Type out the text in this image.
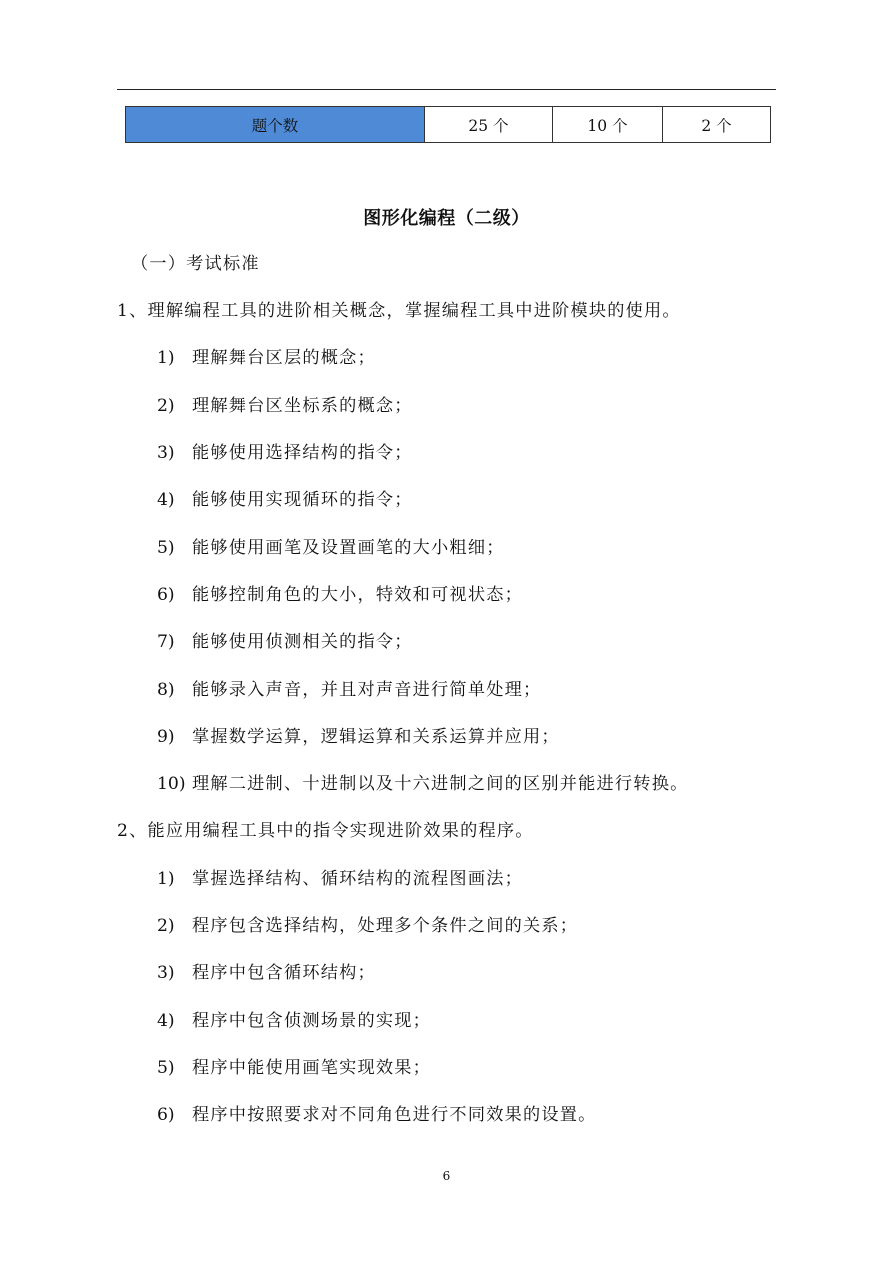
题个数	25 个	10 个	2 个
图形化编程（二级）
（一）考试标准
1、理解编程工具的进阶相关概念，掌握编程工具中进阶模块的使用。
1) 理解舞台区层的概念；
2) 理解舞台区坐标系的概念；
3) 能够使用选择结构的指令；
4) 能够使用实现循环的指令；
5) 能够使用画笔及设置画笔的大小粗细；
6) 能够控制角色的大小，特效和可视状态；
7) 能够使用侦测相关的指令；
8) 能够录入声音，并且对声音进行简单处理；
9) 掌握数学运算，逻辑运算和关系运算并应用；
10) 理解二进制、十进制以及十六进制之间的区别并能进行转换。
2、能应用编程工具中的指令实现进阶效果的程序。
1) 掌握选择结构、循环结构的流程图画法；
2) 程序包含选择结构，处理多个条件之间的关系；
3) 程序中包含循环结构；
4) 程序中包含侦测场景的实现；
5) 程序中能使用画笔实现效果；
6) 程序中按照要求对不同角色进行不同效果的设置。
6
